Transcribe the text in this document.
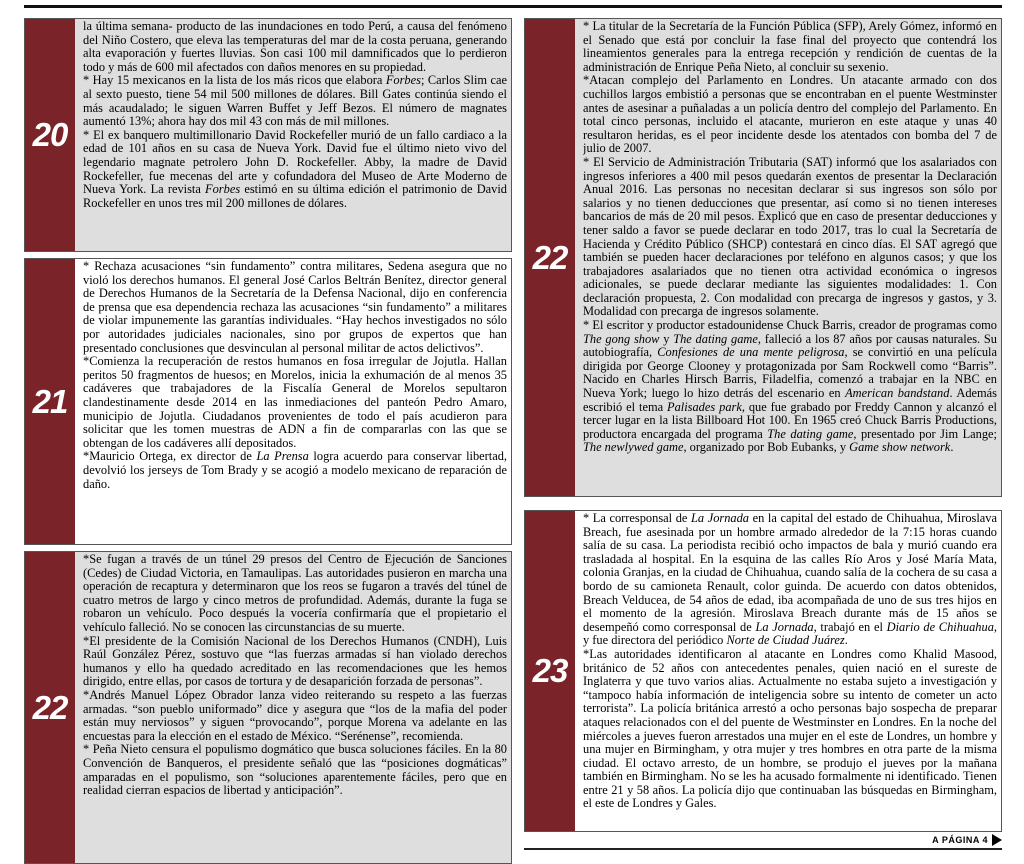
20

la última semana- producto de las inundaciones en todo Perú, a causa del fenómeno del Niño Costero, que eleva las temperaturas del mar de la costa peruana, generando alta evaporación y fuertes lluvias. Son casi 100 mil damnificados que lo perdieron todo y más de 600 mil afectados con daños menores en su propiedad.

* Hay 15 mexicanos en la lista de los más ricos que elabora Forbes; Carlos Slim cae al sexto puesto, tiene 54 mil 500 millones de dólares. Bill Gates continúa siendo el más acaudalado; le siguen Warren Buffet y Jeff Bezos. El número de magnates aumentó 13%; ahora hay dos mil 43 con más de mil millones.

* El ex banquero multimillonario David Rockefeller murió de un fallo cardiaco a la edad de 101 años en su casa de Nueva York. David fue el último nieto vivo del legendario magnate petrolero John D. Rockefeller. Abby, la madre de David Rockefeller, fue mecenas del arte y cofundadora del Museo de Arte Moderno de Nueva York. La revista Forbes estimó en su última edición el patrimonio de David Rockefeller en unos tres mil 200 millones de dólares.

21

* Rechaza acusaciones “sin fundamento” contra militares, Sedena asegura que no violó los derechos humanos. El general José Carlos Beltrán Benítez, director general de Derechos Humanos de la Secretaría de la Defensa Nacional, dijo en conferencia de prensa que esa dependencia rechaza las acusaciones “sin fundamento” a militares de violar impunemente las garantías individuales. “Hay hechos investigados no sólo por autoridades judiciales nacionales, sino por grupos de expertos que han presentado conclusiones que desvinculan al personal militar de actos delictivos”.

*Comienza la recuperación de restos humanos en fosa irregular de Jojutla. Hallan peritos 50 fragmentos de huesos; en Morelos, inicia la exhumación de al menos 35 cadáveres que trabajadores de la Fiscalía General de Morelos sepultaron clandestinamente desde 2014 en las inmediaciones del panteón Pedro Amaro, municipio de Jojutla. Ciudadanos provenientes de todo el país acudieron para solicitar que les tomen muestras de ADN a fin de compararlas con las que se obtengan de los cadáveres allí depositados.

*Mauricio Ortega, ex director de La Prensa logra acuerdo para conservar libertad, devolvió los jerseys de Tom Brady y se acogió a modelo mexicano de reparación de daño.

22

*Se fugan a través de un túnel 29 presos del Centro de Ejecución de Sanciones (Cedes) de Ciudad Victoria, en Tamaulipas. Las autoridades pusieron en marcha una operación de recaptura y determinaron que los reos se fugaron a través del túnel de cuatro metros de largo y cinco metros de profundidad. Además, durante la fuga se robaron un vehículo. Poco después la vocería confirmaría que el propietario el vehículo falleció. No se conocen las circunstancias de su muerte.

*El presidente de la Comisión Nacional de los Derechos Humanos (CNDH), Luis Raúl González Pérez, sostuvo que “las fuerzas armadas sí han violado derechos humanos y ello ha quedado acreditado en las recomendaciones que les hemos dirigido, entre ellas, por casos de tortura y de desaparición forzada de personas”.

*Andrés Manuel López Obrador lanza video reiterando su respeto a las fuerzas armadas. “son pueblo uniformado” dice y asegura que “los de la mafia del poder están muy nerviosos” y siguen “provocando”, porque Morena va adelante en las encuestas para la elección en el estado de México. “Serénense”, recomienda.

* Peña Nieto censura el populismo dogmático que busca soluciones fáciles. En la 80 Convención de Banqueros, el presidente señaló que las “posiciones dogmáticas” amparadas en el populismo, son “soluciones aparentemente fáciles, pero que en realidad cierran espacios de libertad y anticipación”.

22

* La titular de la Secretaría de la Función Pública (SFP), Arely Gómez, informó en el Senado que está por concluir la fase final del proyecto que contendrá los lineamientos generales para la entrega recepción y rendición de cuentas de la administración de Enrique Peña Nieto, al concluir su sexenio.

*Atacan complejo del Parlamento en Londres. Un atacante armado con dos cuchillos largos embistió a personas que se encontraban en el puente Westminster antes de asesinar a puñaladas a un policía dentro del complejo del Parlamento. En total cinco personas, incluido el atacante, murieron en este ataque y unas 40 resultaron heridas, es el peor incidente desde los atentados con bomba del 7 de julio de 2007.

* El Servicio de Administración Tributaria (SAT) informó que los asalariados con ingresos inferiores a 400 mil pesos quedarán exentos de presentar la Declaración Anual 2016. Las personas no necesitan declarar si sus ingresos son sólo por salarios y no tienen deducciones que presentar, así como si no tienen intereses bancarios de más de 20 mil pesos. Explicó que en caso de presentar deducciones y tener saldo a favor se puede declarar en todo 2017, tras lo cual la Secretaría de Hacienda y Crédito Público (SHCP) contestará en cinco días. El SAT agregó que también se pueden hacer declaraciones por teléfono en algunos casos; y que los trabajadores asalariados que no tienen otra actividad económica o ingresos adicionales, se puede declarar mediante las siguientes modalidades: 1. Con declaración propuesta, 2. Con modalidad con precarga de ingresos y gastos, y 3. Modalidad con precarga de ingresos solamente.

* El escritor y productor estadounidense Chuck Barris, creador de programas como The gong show y The dating game, falleció a los 87 años por causas naturales. Su autobiografía, Confesiones de una mente peligrosa, se convirtió en una película dirigida por George Clooney y protagonizada por Sam Rockwell como “Barris”. Nacido en Charles Hirsch Barris, Filadelfia, comenzó a trabajar en la NBC en Nueva York; luego lo hizo detrás del escenario en American bandstand. Además escribió el tema Palisades park, que fue grabado por Freddy Cannon y alcanzó el tercer lugar en la lista Billboard Hot 100. En 1965 creó Chuck Barris Productions, productora encargada del programa The dating game, presentado por Jim Lange; The newlywed game, organizado por Bob Eubanks, y Game show network.

23

* La corresponsal de La Jornada en la capital del estado de Chihuahua, Miroslava Breach, fue asesinada por un hombre armado alrededor de la 7:15 horas cuando salía de su casa. La periodista recibió ocho impactos de bala y murió cuando era trasladada al hospital. En la esquina de las calles Río Aros y José María Mata, colonia Granjas, en la ciudad de Chihuahua, cuando salía de la cochera de su casa a bordo de su camioneta Renault, color guinda. De acuerdo con datos obtenidos, Breach Velducea, de 54 años de edad, iba acompañada de uno de sus tres hijos en el momento de la agresión. Miroslava Breach durante más de 15 años se desempeñó como corresponsal de La Jornada, trabajó en el Diario de Chihuahua, y fue directora del periódico Norte de Ciudad Juárez.

*Las autoridades identificaron al atacante en Londres como Khalid Masood, británico de 52 años con antecedentes penales, quien nació en el sureste de Inglaterra y que tuvo varios alias. Actualmente no estaba sujeto a investigación y “tampoco había información de inteligencia sobre su intento de cometer un acto terrorista”. La policía británica arrestó a ocho personas bajo sospecha de preparar ataques relacionados con el del puente de Westminster en Londres. En la noche del miércoles a jueves fueron arrestados una mujer en el este de Londres, un hombre y una mujer en Birmingham, y otra mujer y tres hombres en otra parte de la misma ciudad. El octavo arresto, de un hombre, se produjo el jueves por la mañana también en Birmingham. No se les ha acusado formalmente ni identificado. Tienen entre 21 y 58 años. La policía dijo que continuaban las búsquedas en Birmingham, el este de Londres y Gales.

A PÁGINA 4
